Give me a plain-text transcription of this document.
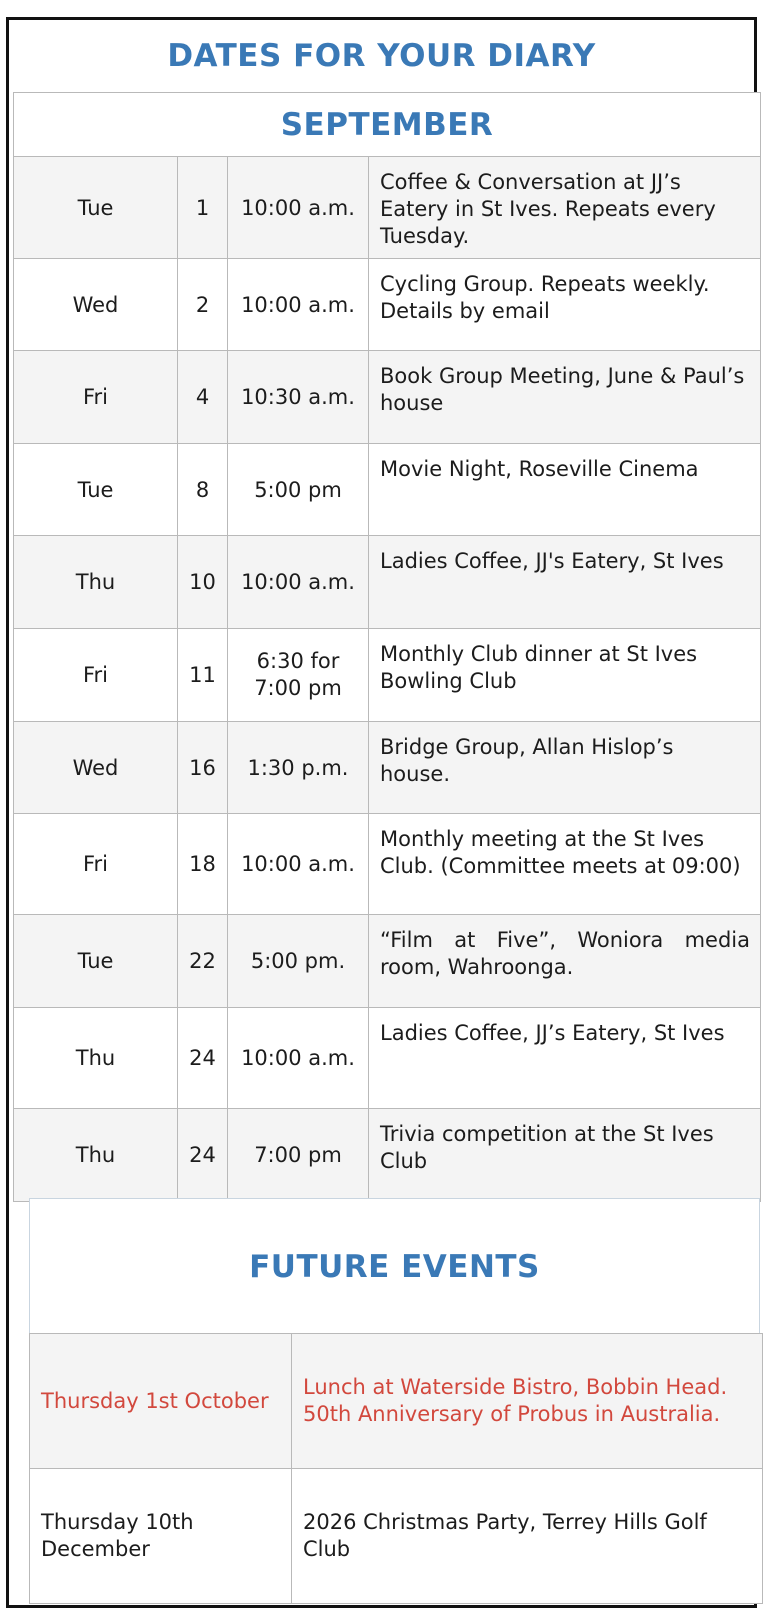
DATES FOR YOUR DIARY
SEPTEMBER			
Tue	1	10:00 a.m.	Coffee & Conversation at JJ’s Eatery in St Ives. Repeats every Tuesday.
Wed	2	10:00 a.m.	Cycling Group. Repeats weekly. Details by email
Fri	4	10:30 a.m.	Book Group Meeting, June & Paul’s house
Tue	8	5:00 pm	Movie Night, Roseville Cinema
Thu	10	10:00 a.m.	Ladies Coffee, JJ's Eatery, St Ives
Fri	11	6:30 for 7:00 pm	Monthly Club dinner at St Ives Bowling Club
Wed	16	1:30 p.m.	Bridge Group, Allan Hislop’s house.
Fri	18	10:00 a.m.	Monthly meeting at the St Ives Club. (Committee meets at 09:00)
Tue	22	5:00 pm.	“Film at Five”, Woniora media room, Wahroonga.
Thu	24	10:00 a.m.	Ladies Coffee, JJ’s Eatery, St Ives
Thu	24	7:00 pm	Trivia competition at the St Ives Club
FUTURE EVENTS
Thursday 1st October	Lunch at Waterside Bistro, Bobbin Head. 50th Anniversary of Probus in Australia.
Thursday 10th December	2026 Christmas Party, Terrey Hills Golf Club
